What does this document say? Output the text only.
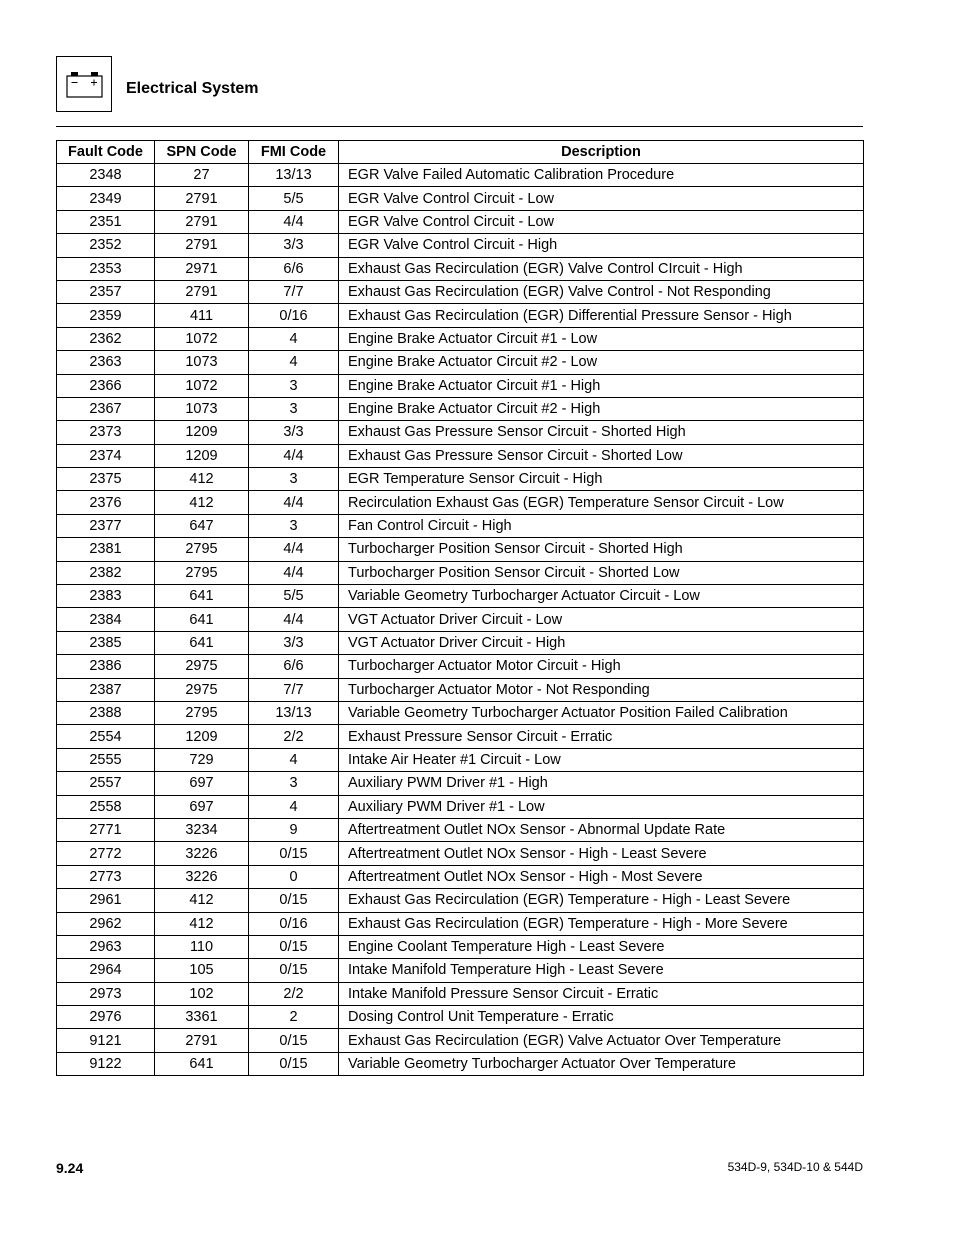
Electrical System
Fault Code	SPN Code	FMI Code	Description
2348	27	13/13	EGR Valve Failed Automatic Calibration Procedure
2349	2791	5/5	EGR Valve Control Circuit - Low
2351	2791	4/4	EGR Valve Control Circuit - Low
2352	2791	3/3	EGR Valve Control Circuit - High
2353	2971	6/6	Exhaust Gas Recirculation (EGR) Valve Control CIrcuit - High
2357	2791	7/7	Exhaust Gas Recirculation (EGR) Valve Control - Not Responding
2359	411	0/16	Exhaust Gas Recirculation (EGR) Differential Pressure Sensor - High
2362	1072	4	Engine Brake Actuator Circuit #1 - Low
2363	1073	4	Engine Brake Actuator Circuit #2 - Low
2366	1072	3	Engine Brake Actuator Circuit #1 - High
2367	1073	3	Engine Brake Actuator Circuit #2 - High
2373	1209	3/3	Exhaust Gas Pressure Sensor Circuit - Shorted High
2374	1209	4/4	Exhaust Gas Pressure Sensor Circuit - Shorted Low
2375	412	3	EGR Temperature Sensor Circuit - High
2376	412	4/4	Recirculation Exhaust Gas (EGR) Temperature Sensor Circuit - Low
2377	647	3	Fan Control Circuit - High
2381	2795	4/4	Turbocharger Position Sensor Circuit - Shorted High
2382	2795	4/4	Turbocharger Position Sensor Circuit - Shorted Low
2383	641	5/5	Variable Geometry Turbocharger Actuator Circuit - Low
2384	641	4/4	VGT Actuator Driver Circuit - Low
2385	641	3/3	VGT Actuator Driver Circuit - High
2386	2975	6/6	Turbocharger Actuator Motor Circuit - High
2387	2975	7/7	Turbocharger Actuator Motor - Not Responding
2388	2795	13/13	Variable Geometry Turbocharger Actuator Position Failed Calibration
2554	1209	2/2	Exhaust Pressure Sensor Circuit - Erratic
2555	729	4	Intake Air Heater #1 Circuit - Low
2557	697	3	Auxiliary PWM Driver #1 - High
2558	697	4	Auxiliary PWM Driver #1 - Low
2771	3234	9	Aftertreatment Outlet NOx Sensor - Abnormal Update Rate
2772	3226	0/15	Aftertreatment Outlet NOx Sensor - High - Least Severe
2773	3226	0	Aftertreatment Outlet NOx Sensor - High - Most Severe
2961	412	0/15	Exhaust Gas Recirculation (EGR) Temperature - High - Least Severe
2962	412	0/16	Exhaust Gas Recirculation (EGR) Temperature - High - More Severe
2963	110	0/15	Engine Coolant Temperature High - Least Severe
2964	105	0/15	Intake Manifold Temperature High - Least Severe
2973	102	2/2	Intake Manifold Pressure Sensor Circuit - Erratic
2976	3361	2	Dosing Control Unit Temperature - Erratic
9121	2791	0/15	Exhaust Gas Recirculation (EGR) Valve Actuator Over Temperature
9122	641	0/15	Variable Geometry Turbocharger Actuator Over Temperature
9.24	534D-9, 534D-10 & 544D
